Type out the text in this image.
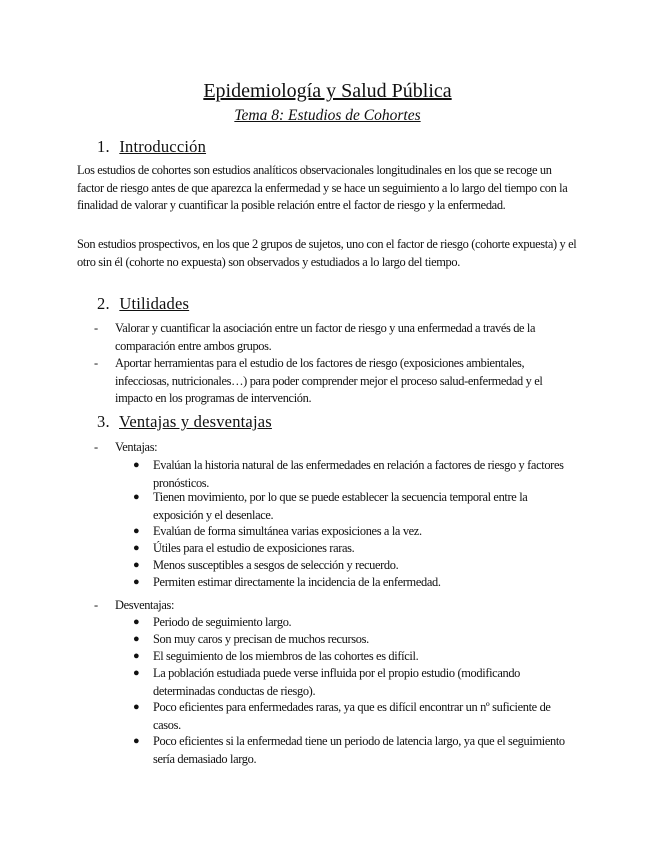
Epidemiología y Salud Pública
Tema 8: Estudios de Cohortes
1. Introducción
Los estudios de cohortes son estudios analíticos observacionales longitudinales en los que se recoge un factor de riesgo antes de que aparezca la enfermedad y se hace un seguimiento a lo largo del tiempo con la finalidad de valorar y cuantificar la posible relación entre el factor de riesgo y la enfermedad.
Son estudios prospectivos, en los que 2 grupos de sujetos, uno con el factor de riesgo (cohorte expuesta) y el otro sin él (cohorte no expuesta) son observados y estudiados a lo largo del tiempo.
2. Utilidades
- Valorar y cuantificar la asociación entre un factor de riesgo y una enfermedad a través de la comparación entre ambos grupos.
- Aportar herramientas para el estudio de los factores de riesgo (exposiciones ambientales, infecciosas, nutricionales…) para poder comprender mejor el proceso salud-enfermedad y el impacto en los programas de intervención.
3. Ventajas y desventajas
- Ventajas:
● Evalúan la historia natural de las enfermedades en relación a factores de riesgo y factores pronósticos.
● Tienen movimiento, por lo que se puede establecer la secuencia temporal entre la exposición y el desenlace.
● Evalúan de forma simultánea varias exposiciones a la vez.
● Útiles para el estudio de exposiciones raras.
● Menos susceptibles a sesgos de selección y recuerdo.
● Permiten estimar directamente la incidencia de la enfermedad.
- Desventajas:
● Periodo de seguimiento largo.
● Son muy caros y precisan de muchos recursos.
● El seguimiento de los miembros de las cohortes es difícil.
● La población estudiada puede verse influida por el propio estudio (modificando determinadas conductas de riesgo).
● Poco eficientes para enfermedades raras, ya que es difícil encontrar un nº suficiente de casos.
● Poco eficientes si la enfermedad tiene un periodo de latencia largo, ya que el seguimiento sería demasiado largo.
